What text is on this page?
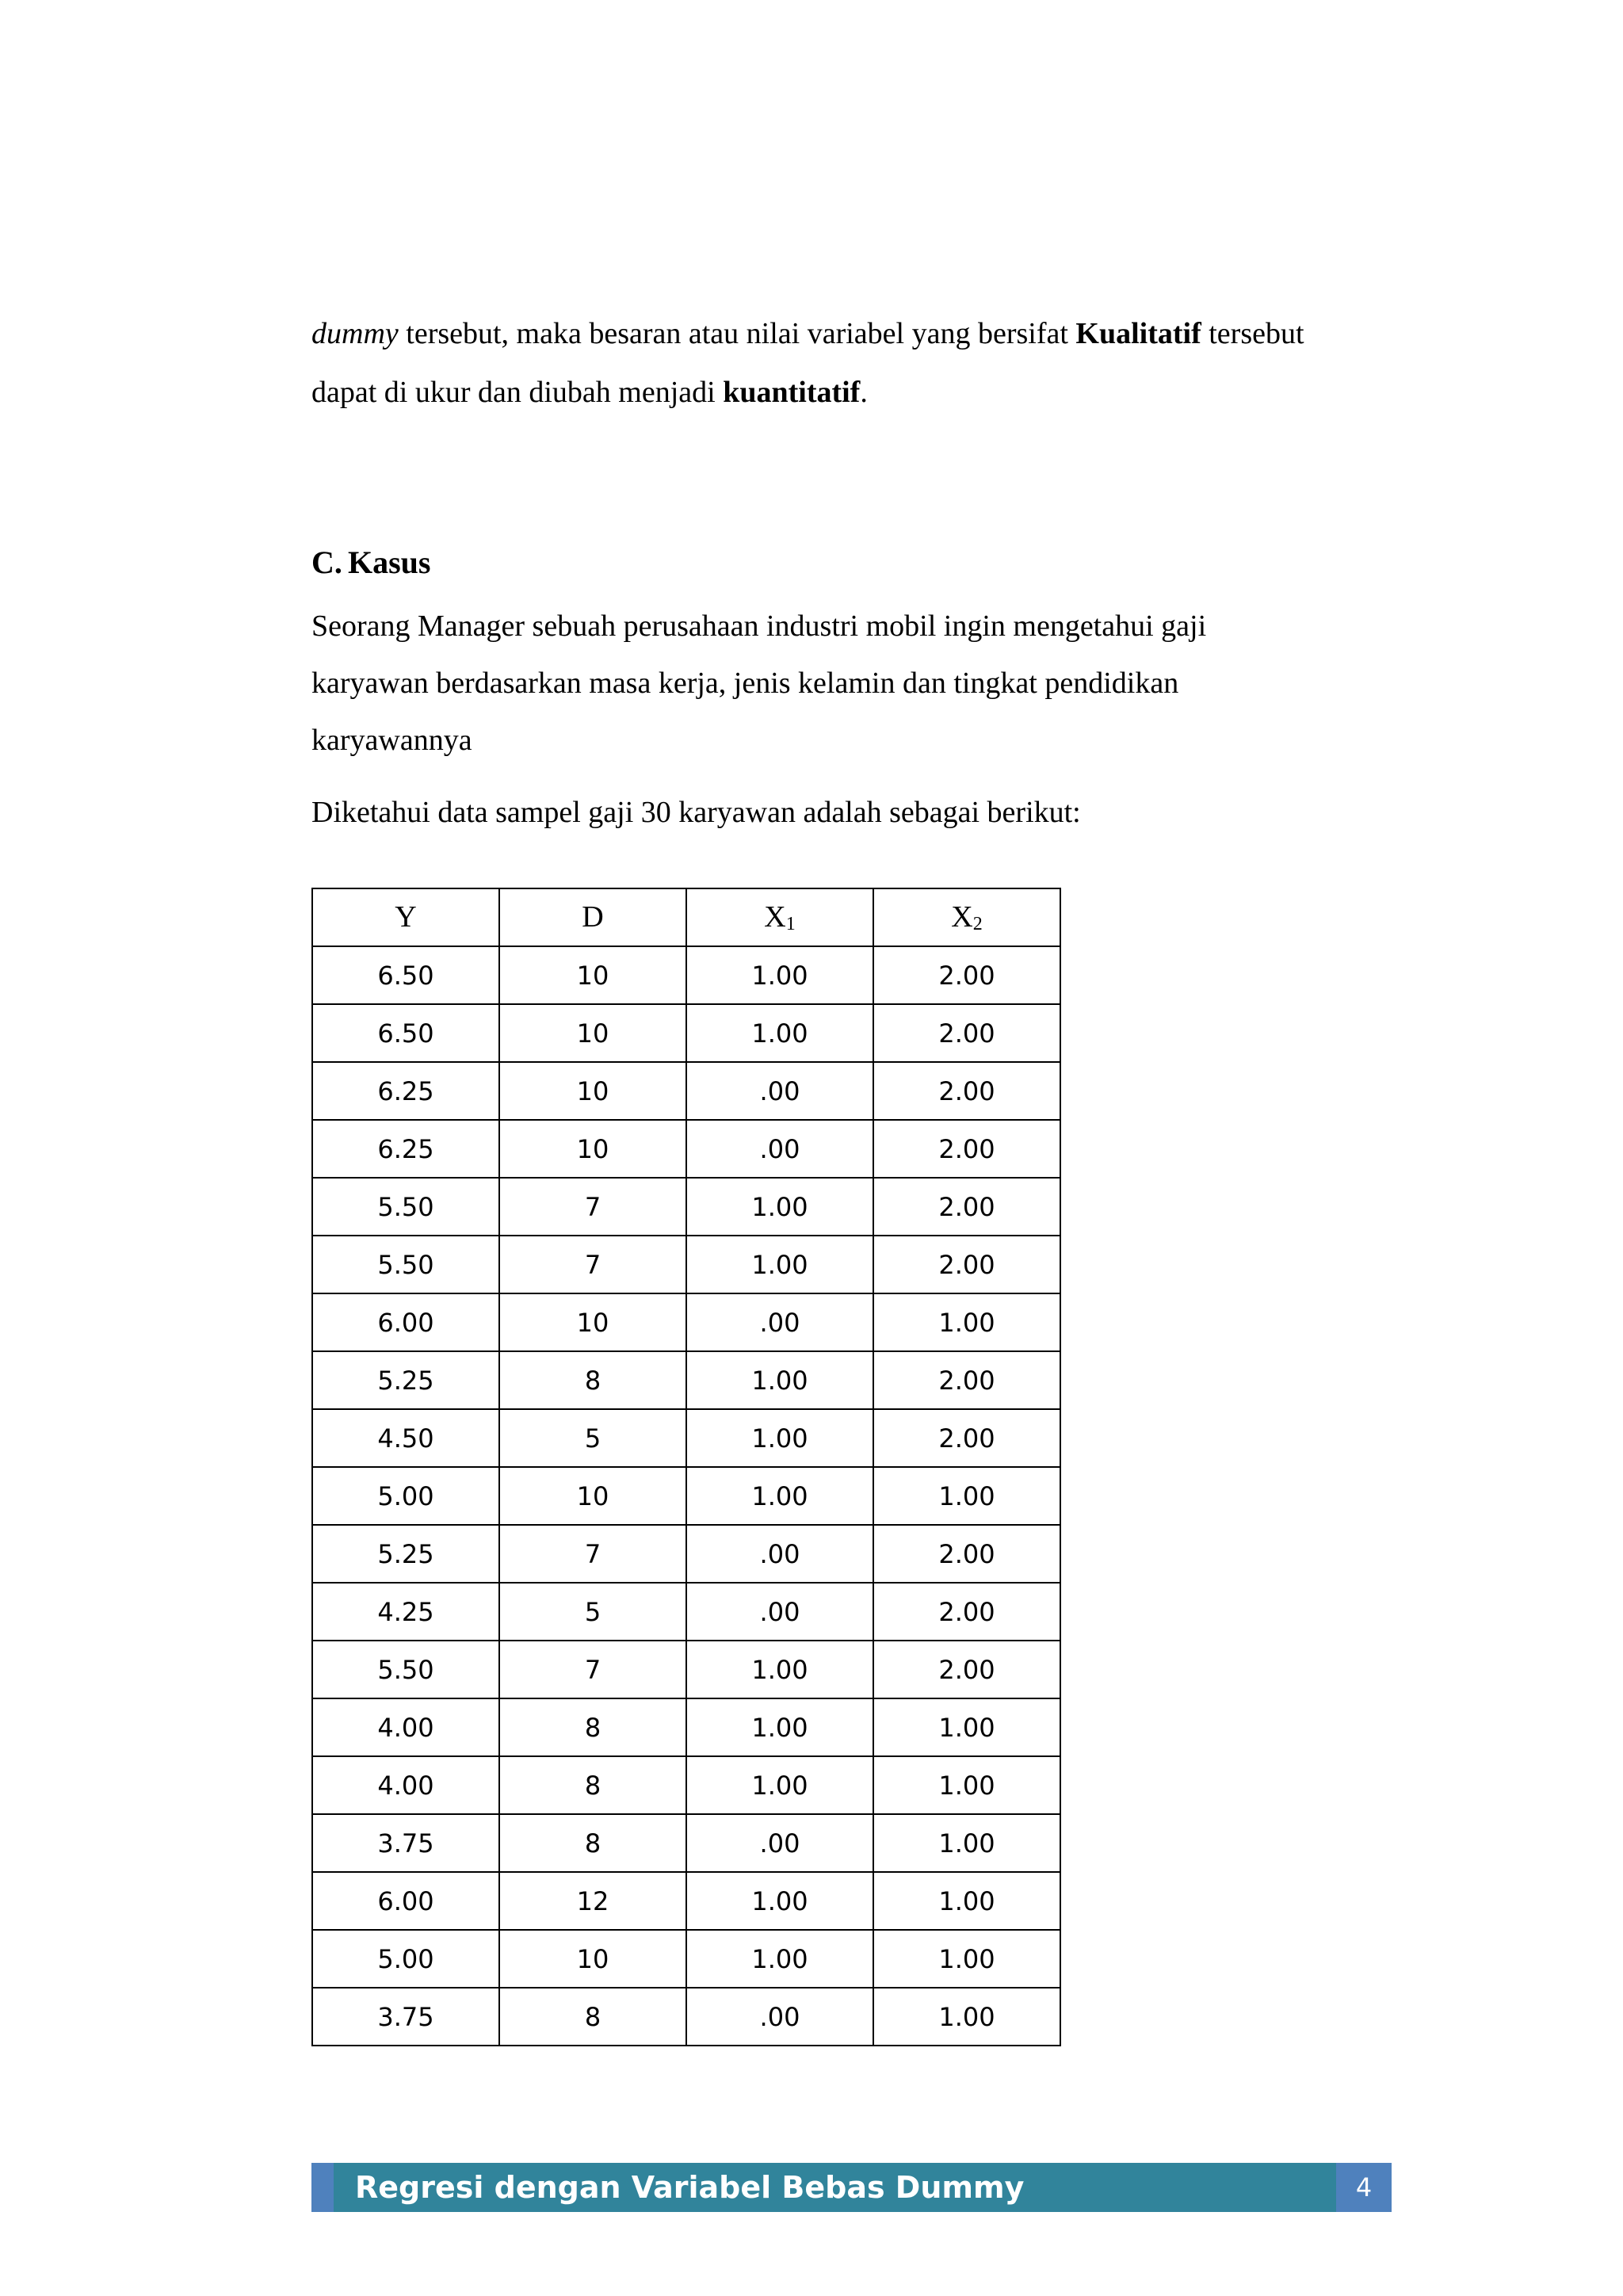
dummy tersebut, maka besaran atau nilai variabel yang bersifat Kualitatif tersebut
dapat di ukur dan diubah menjadi kuantitatif.
C. Kasus
Seorang Manager sebuah perusahaan industri mobil ingin mengetahui gaji
karyawan berdasarkan masa kerja, jenis kelamin dan tingkat pendidikan
karyawannya
Diketahui data sampel gaji 30 karyawan adalah sebagai berikut:
Y	D	$X_1$	$X_2$
6.50	10	1.00	2.00
6.50	10	1.00	2.00
6.25	10	.00	2.00
6.25	10	.00	2.00
5.50	7	1.00	2.00
5.50	7	1.00	2.00
6.00	10	.00	1.00
5.25	8	1.00	2.00
4.50	5	1.00	2.00
5.00	10	1.00	1.00
5.25	7	.00	2.00
4.25	5	.00	2.00
5.50	7	1.00	2.00
4.00	8	1.00	1.00
4.00	8	1.00	1.00
3.75	8	.00	1.00
6.00	12	1.00	1.00
5.00	10	1.00	1.00
3.75	8	.00	1.00
Regresi dengan Variabel Bebas Dummy	4
